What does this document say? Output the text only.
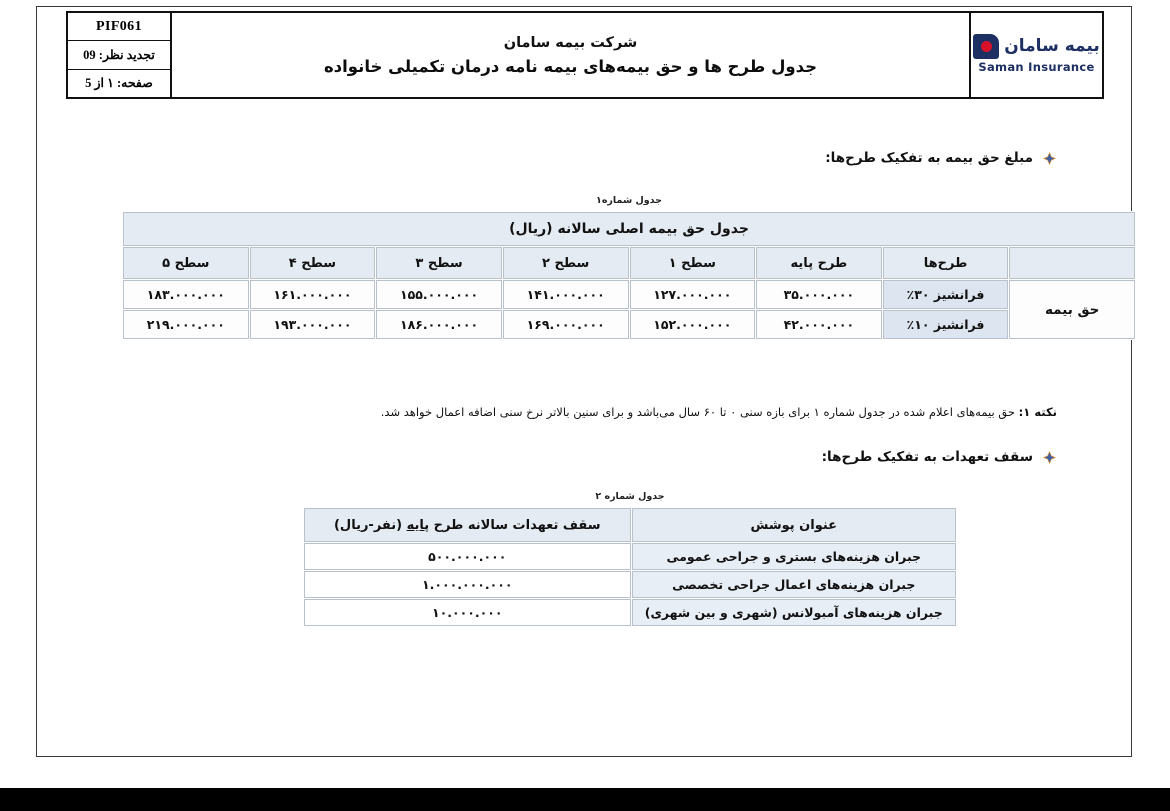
بیمه سامان
Saman Insurance
شرکت بیمه سامان
جدول طرح ها و حق بیمه‌های بیمه نامه درمان تکمیلی خانواده
PIF061
تجدید نظر: 09
صفحه: ۱ از 5
مبلغ حق بیمه به تفکیک طرح‌ها:
جدول شماره۱
جدول حق بیمه اصلی سالانه (ریال)							
	طرح‌ها	طرح پایه	سطح ۱	سطح ۲	سطح ۳	سطح ۴	سطح ۵
حق بیمه	فرانشیز ۳۰٪	۳۵.۰۰۰.۰۰۰	۱۲۷.۰۰۰.۰۰۰	۱۴۱.۰۰۰.۰۰۰	۱۵۵.۰۰۰.۰۰۰	۱۶۱.۰۰۰.۰۰۰	۱۸۳.۰۰۰.۰۰۰
	فرانشیز ۱۰٪	۴۲.۰۰۰.۰۰۰	۱۵۲.۰۰۰.۰۰۰	۱۶۹.۰۰۰.۰۰۰	۱۸۶.۰۰۰.۰۰۰	۱۹۳.۰۰۰.۰۰۰	۲۱۹.۰۰۰.۰۰۰
نکته ۱: حق بیمه‌های اعلام شده در جدول شماره ۱ برای بازه سنی ۰ تا ۶۰ سال می‌باشد و برای سنین بالاتر نرخ سنی اضافه اعمال خواهد شد.
سقف تعهدات به تفکیک طرح‌ها:
جدول شماره ۲
عنوان پوشش	سقف تعهدات سالانه طرح پایه (نفر-ریال)
جبران هزینه‌های بستری و جراحی عمومی	۵۰۰.۰۰۰.۰۰۰
جبران هزینه‌های اعمال جراحی تخصصی	۱.۰۰۰.۰۰۰.۰۰۰
جبران هزینه‌های آمبولانس (شهری و بین شهری)	۱۰.۰۰۰.۰۰۰
